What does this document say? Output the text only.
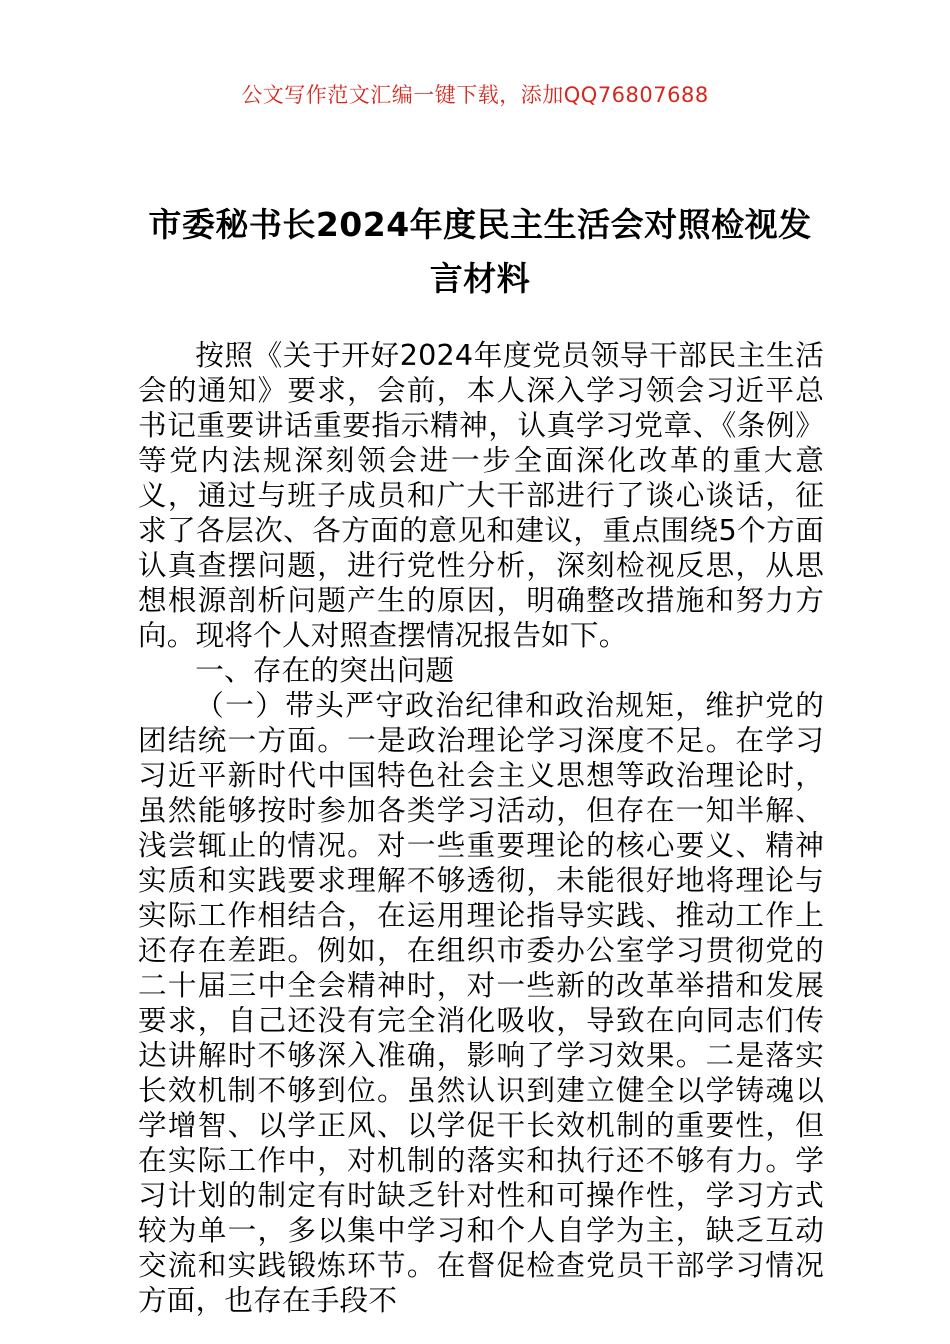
公文写作范文汇编一键下载，添加QQ76807688
市委秘书长2024年度民主生活会对照检视发言材料

按照《关于开好2024年度党员领导干部民主生活会的通知》要求，会前，本人深入学习领会习近平总书记重要讲话重要指示精神，认真学习党章、《条例》等党内法规深刻领会进一步全面深化改革的重大意义，通过与班子成员和广大干部进行了谈心谈话，征求了各层次、各方面的意见和建议，重点围绕5个方面认真查摆问题，进行党性分析，深刻检视反思，从思想根源剖析问题产生的原因，明确整改措施和努力方向。现将个人对照查摆情况报告如下。

一、存在的突出问题

（一）带头严守政治纪律和政治规矩，维护党的团结统一方面。一是政治理论学习深度不足。在学习习近平新时代中国特色社会主义思想等政治理论时，虽然能够按时参加各类学习活动，但存在一知半解、浅尝辄止的情况。对一些重要理论的核心要义、精神实质和实践要求理解不够透彻，未能很好地将理论与实际工作相结合，在运用理论指导实践、推动工作上还存在差距。例如，在组织市委办公室学习贯彻党的二十届三中全会精神时，对一些新的改革举措和发展要求，自己还没有完全消化吸收，导致在向同志们传达讲解时不够深入准确，影响了学习效果。二是落实长效机制不够到位。虽然认识到建立健全以学铸魂以学增智、以学正风、以学促干长效机制的重要性，但在实际工作中，对机制的落实和执行还不够有力。学习计划的制定有时缺乏针对性和可操作性，学习方式较为单一，多以集中学习和个人自学为主，缺乏互动交流和实践锻炼环节。在督促检查党员干部学习情况方面，也存在手段不
